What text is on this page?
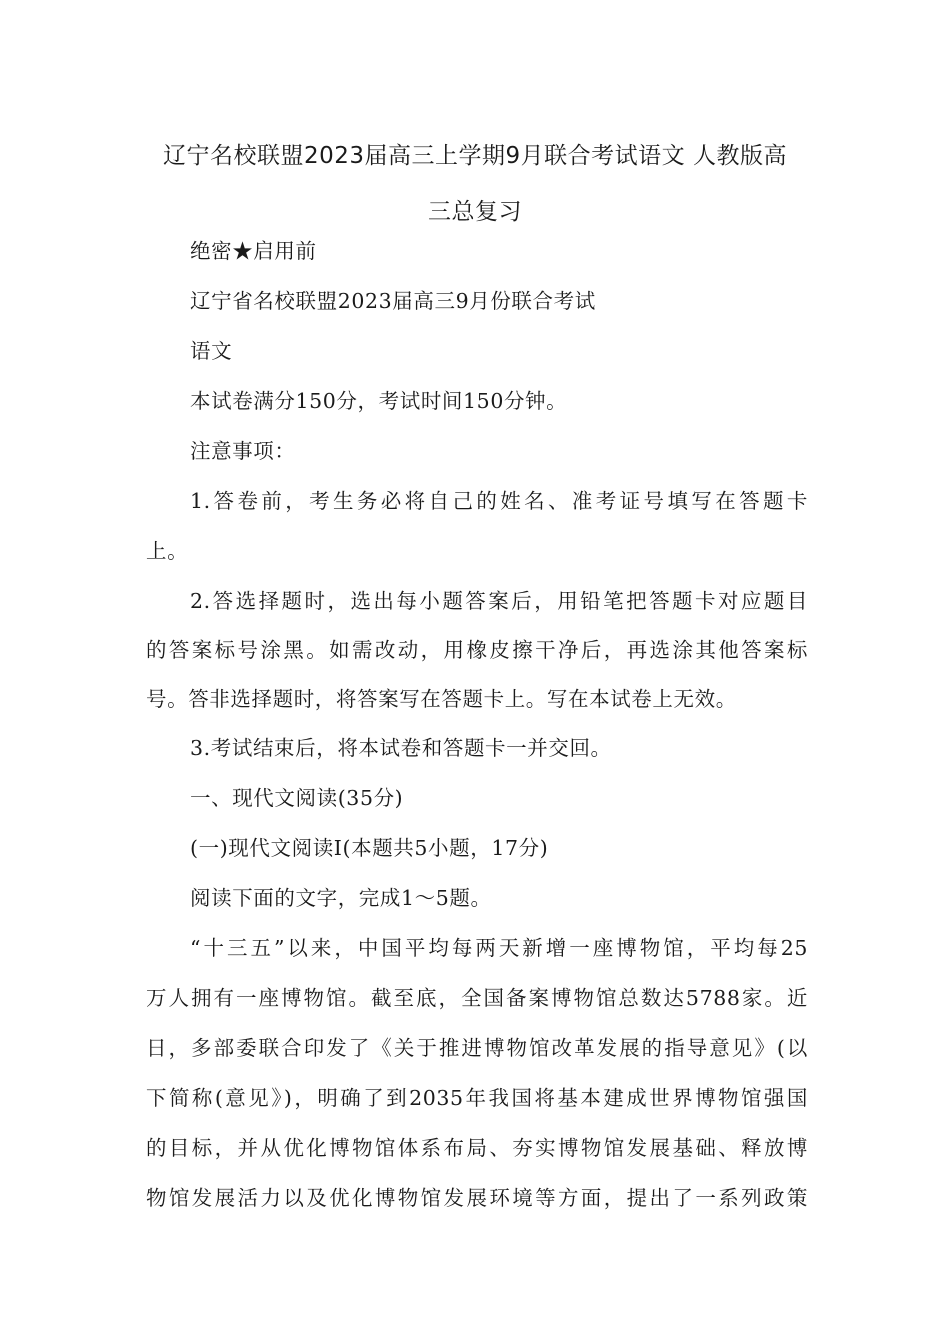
辽宁名校联盟2023届高三上学期9月联合考试语文 人教版高
三总复习
绝密★启用前
辽宁省名校联盟2023届高三9月份联合考试
语文
本试卷满分150分，考试时间150分钟。
注意事项：
1.答卷前，考生务必将自己的姓名、准考证号填写在答题卡
上。
2.答选择题时，选出每小题答案后，用铅笔把答题卡对应题目
的答案标号涂黑。如需改动，用橡皮擦干净后，再选涂其他答案标
号。答非选择题时，将答案写在答题卡上。写在本试卷上无效。
3.考试结束后，将本试卷和答题卡一并交回。
一、现代文阅读(35分)
(一)现代文阅读Ⅰ(本题共5小题，17分)
阅读下面的文字，完成1～5题。
“十三五”以来，中国平均每两天新增一座博物馆，平均每25
万人拥有一座博物馆。截至底，全国备案博物馆总数达5788家。近
日，多部委联合印发了《关于推进博物馆改革发展的指导意见》(以
下简称(意见》)，明确了到2035年我国将基本建成世界博物馆强国
的目标，并从优化博物馆体系布局、夯实博物馆发展基础、释放博
物馆发展活力以及优化博物馆发展环境等方面，提出了一系列政策
